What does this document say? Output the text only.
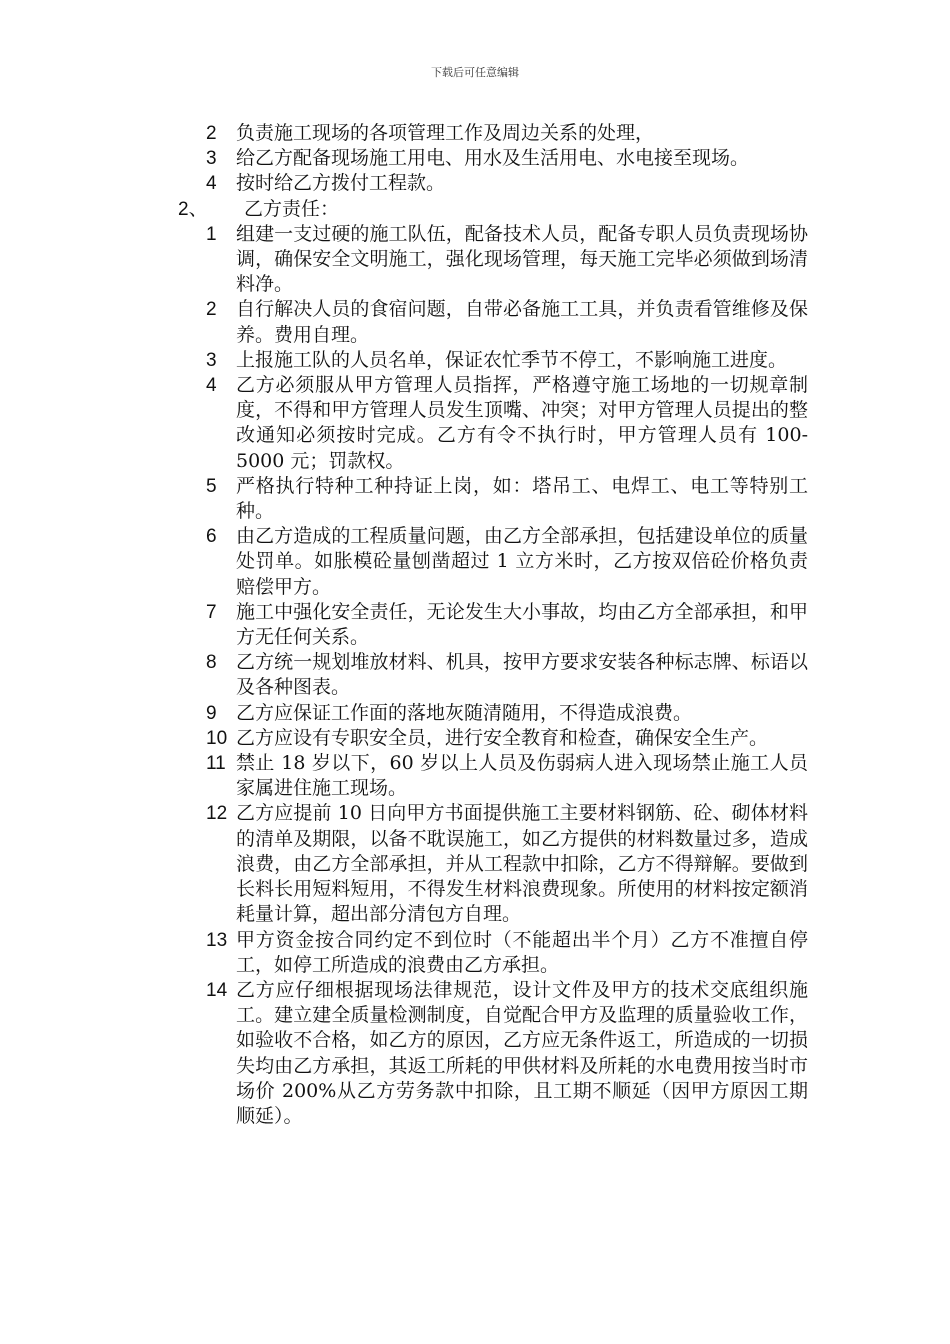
下载后可任意编辑
2	负责施工现场的各项管理工作及周边关系的处理，
3	给乙方配备现场施工用电、用水及生活用电、水电接至现场。
4	按时给乙方拨付工程款。
2、	乙方责任：
1	组建一支过硬的施工队伍，配备技术人员，配备专职人员负责现场协调，确保安全文明施工，强化现场管理，每天施工完毕必须做到场清料净。
2	自行解决人员的食宿问题，自带必备施工工具，并负责看管维修及保养。费用自理。
3	上报施工队的人员名单，保证农忙季节不停工，不影响施工进度。
4	乙方必须服从甲方管理人员指挥，严格遵守施工场地的一切规章制度，不得和甲方管理人员发生顶嘴、冲突；对甲方管理人员提出的整改通知必须按时完成。乙方有令不执行时，甲方管理人员有 100-5000 元；罚款权。
5	严格执行特种工种持证上岗，如：塔吊工、电焊工、电工等特别工种。
6	由乙方造成的工程质量问题，由乙方全部承担，包括建设单位的质量处罚单。如胀模砼量刨凿超过 1 立方米时，乙方按双倍砼价格负责赔偿甲方。
7	施工中强化安全责任，无论发生大小事故，均由乙方全部承担，和甲方无任何关系。
8	乙方统一规划堆放材料、机具，按甲方要求安装各种标志牌、标语以及各种图表。
9	乙方应保证工作面的落地灰随清随用，不得造成浪费。
10 乙方应设有专职安全员，进行安全教育和检查，确保安全生产。
11 禁止 18 岁以下，60 岁以上人员及伤弱病人进入现场禁止施工人员家属进住施工现场。
12 乙方应提前 10 日向甲方书面提供施工主要材料钢筋、砼、砌体材料的清单及期限，以备不耽误施工，如乙方提供的材料数量过多，造成浪费，由乙方全部承担，并从工程款中扣除，乙方不得辩解。要做到长料长用短料短用，不得发生材料浪费现象。所使用的材料按定额消耗量计算，超出部分清包方自理。
13 甲方资金按合同约定不到位时（不能超出半个月）乙方不准擅自停工，如停工所造成的浪费由乙方承担。
14 乙方应仔细根据现场法律规范，设计文件及甲方的技术交底组织施工。建立建全质量检测制度，自觉配合甲方及监理的质量验收工作，如验收不合格，如乙方的原因，乙方应无条件返工，所造成的一切损失均由乙方承担，其返工所耗的甲供材料及所耗的水电费用按当时市场价 200%从乙方劳务款中扣除，且工期不顺延（因甲方原因工期顺延）。
